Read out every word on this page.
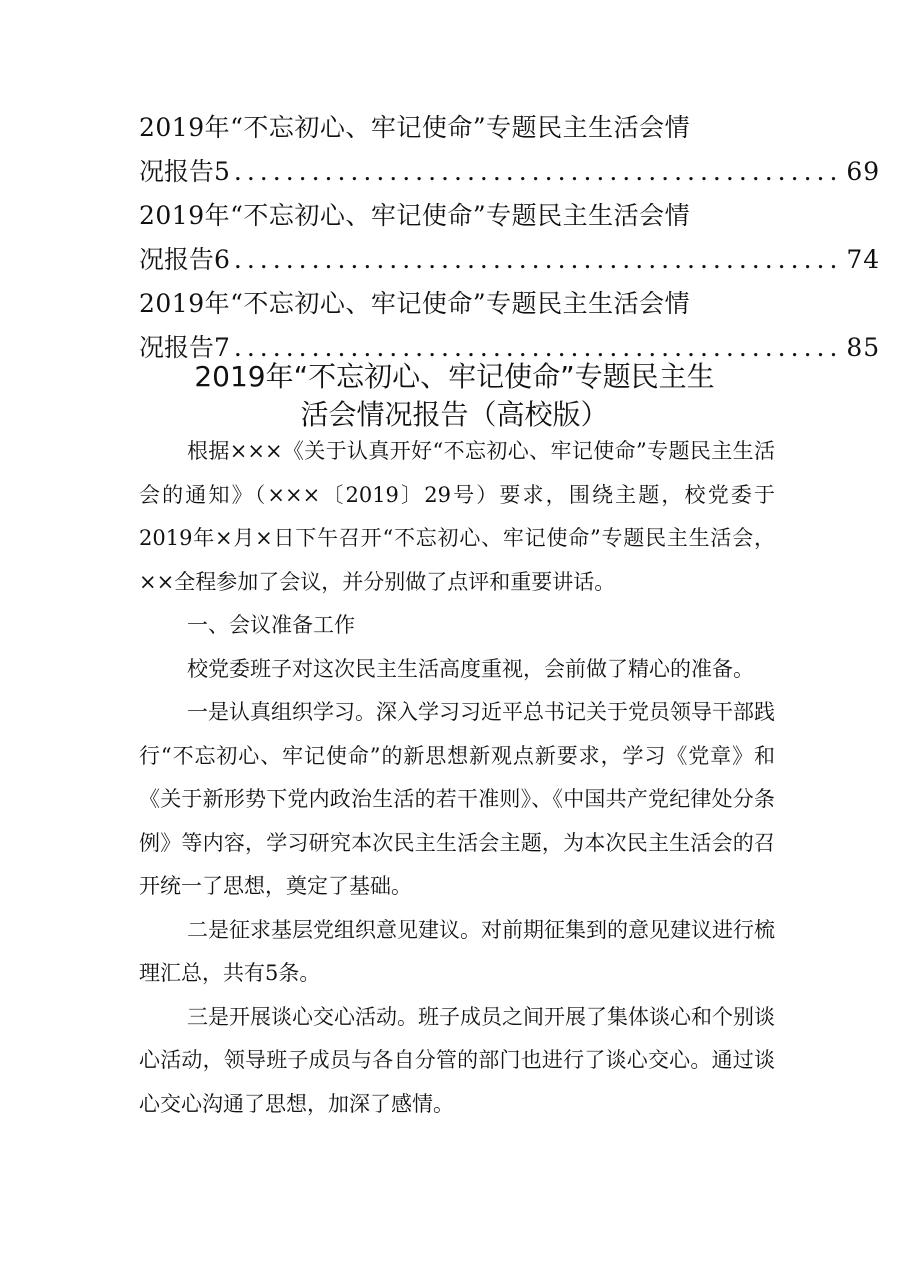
2019年“不忘初心、牢记使命”专题民主生活会情
况报告5 ............................................... 69
2019年“不忘初心、牢记使命”专题民主生活会情
况报告6 ............................................... 74
2019年“不忘初心、牢记使命”专题民主生活会情
况报告7 ............................................... 85
2019年“不忘初心、牢记使命”专题民主生
活会情况报告（高校版）

根据×××《关于认真开好“不忘初心、牢记使命”专题民主生活会的通知》（×××〔2019〕29号）要求，围绕主题，校党委于2019年×月×日下午召开“不忘初心、牢记使命”专题民主生活会，××全程参加了会议，并分别做了点评和重要讲话。

一、会议准备工作

校党委班子对这次民主生活高度重视，会前做了精心的准备。

一是认真组织学习。深入学习习近平总书记关于党员领导干部践行“不忘初心、牢记使命”的新思想新观点新要求，学习《党章》和《关于新形势下党内政治生活的若干准则》、《中国共产党纪律处分条例》等内容，学习研究本次民主生活会主题，为本次民主生活会的召开统一了思想，奠定了基础。

二是征求基层党组织意见建议。对前期征集到的意见建议进行梳理汇总，共有5条。

三是开展谈心交心活动。班子成员之间开展了集体谈心和个别谈心活动，领导班子成员与各自分管的部门也进行了谈心交心。通过谈心交心沟通了思想，加深了感情。
